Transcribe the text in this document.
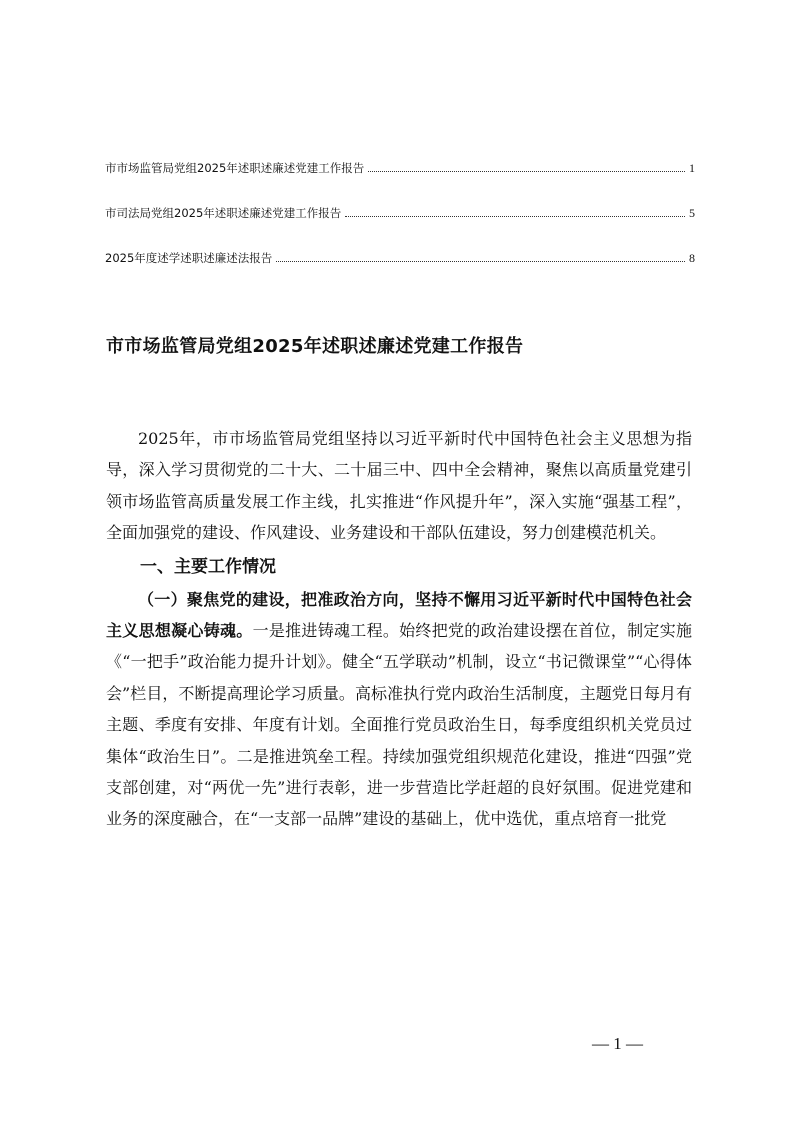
市市场监管局党组2025年述职述廉述党建工作报告	1
市司法局党组2025年述职述廉述党建工作报告	5
2025年度述学述职述廉述法报告	8
市市场监管局党组2025年述职述廉述党建工作报告

2025年，市市场监管局党组坚持以习近平新时代中国特色社会主义思想为指导，深入学习贯彻党的二十大、二十届三中、四中全会精神，聚焦以高质量党建引领市场监管高质量发展工作主线，扎实推进“作风提升年”，深入实施“强基工程”，全面加强党的建设、作风建设、业务建设和干部队伍建设，努力创建模范机关。

一、主要工作情况

（一）聚焦党的建设，把准政治方向，坚持不懈用习近平新时代中国特色社会主义思想凝心铸魂。一是推进铸魂工程。始终把党的政治建设摆在首位，制定实施《“一把手”政治能力提升计划》。健全“五学联动”机制，设立“书记微课堂”“心得体会”栏目，不断提高理论学习质量。高标准执行党内政治生活制度，主题党日每月有主题、季度有安排、年度有计划。全面推行党员政治生日，每季度组织机关党员过集体“政治生日”。二是推进筑垒工程。持续加强党组织规范化建设，推进“四强”党支部创建，对“两优一先”进行表彰，进一步营造比学赶超的良好氛围。促进党建和业务的深度融合，在“一支部一品牌”建设的基础上，优中选优，重点培育一批党

— 1 —
